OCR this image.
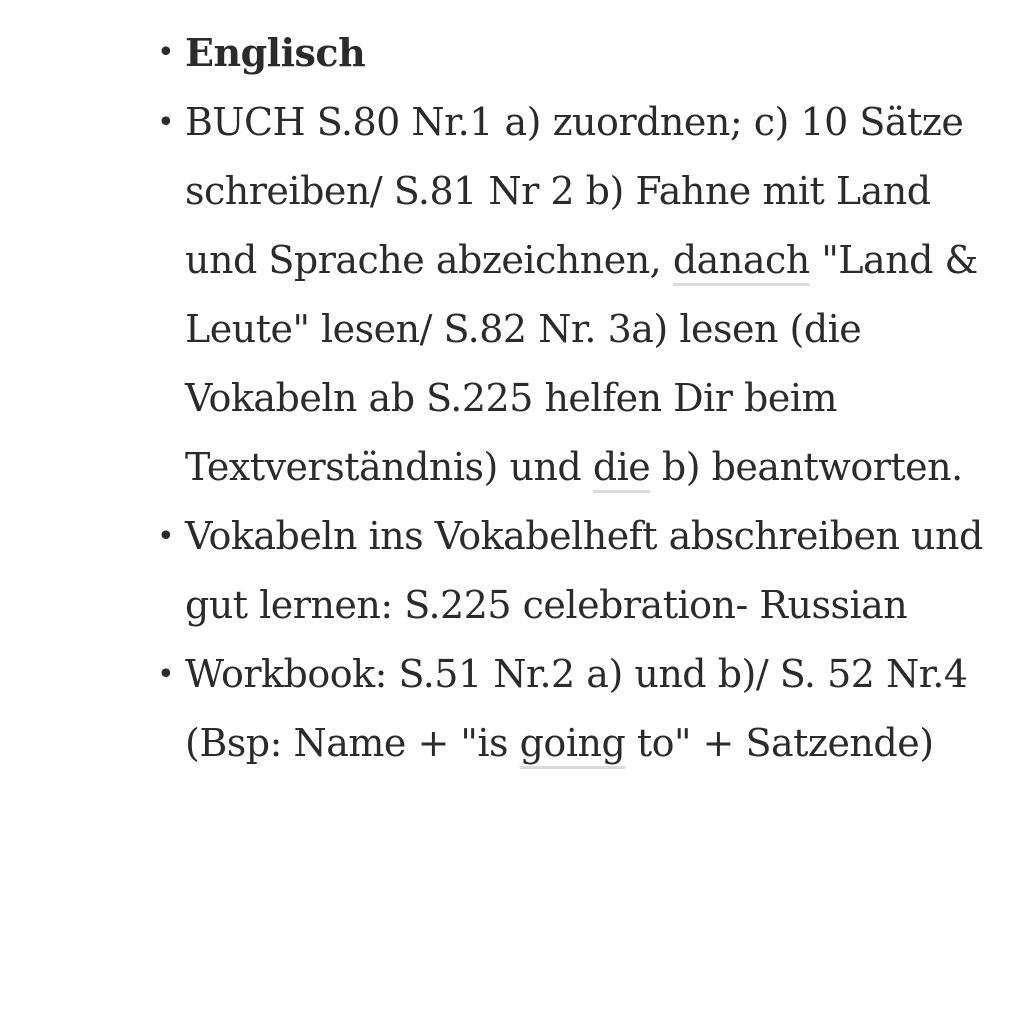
• Englisch
• BUCH S.80 Nr.1 a) zuordnen; c) 10 Sätze schreiben/ S.81 Nr 2 b) Fahne mit Land und Sprache abzeichnen, danach "Land & Leute" lesen/ S.82 Nr. 3a) lesen (die Vokabeln ab S.225 helfen Dir beim Textverständnis) und die b) beantworten.
• Vokabeln ins Vokabelheft abschreiben und gut lernen: S.225 celebration- Russian
• Workbook: S.51 Nr.2 a) und b)/ S. 52 Nr.4 (Bsp: Name + "is going to" + Satzende)
